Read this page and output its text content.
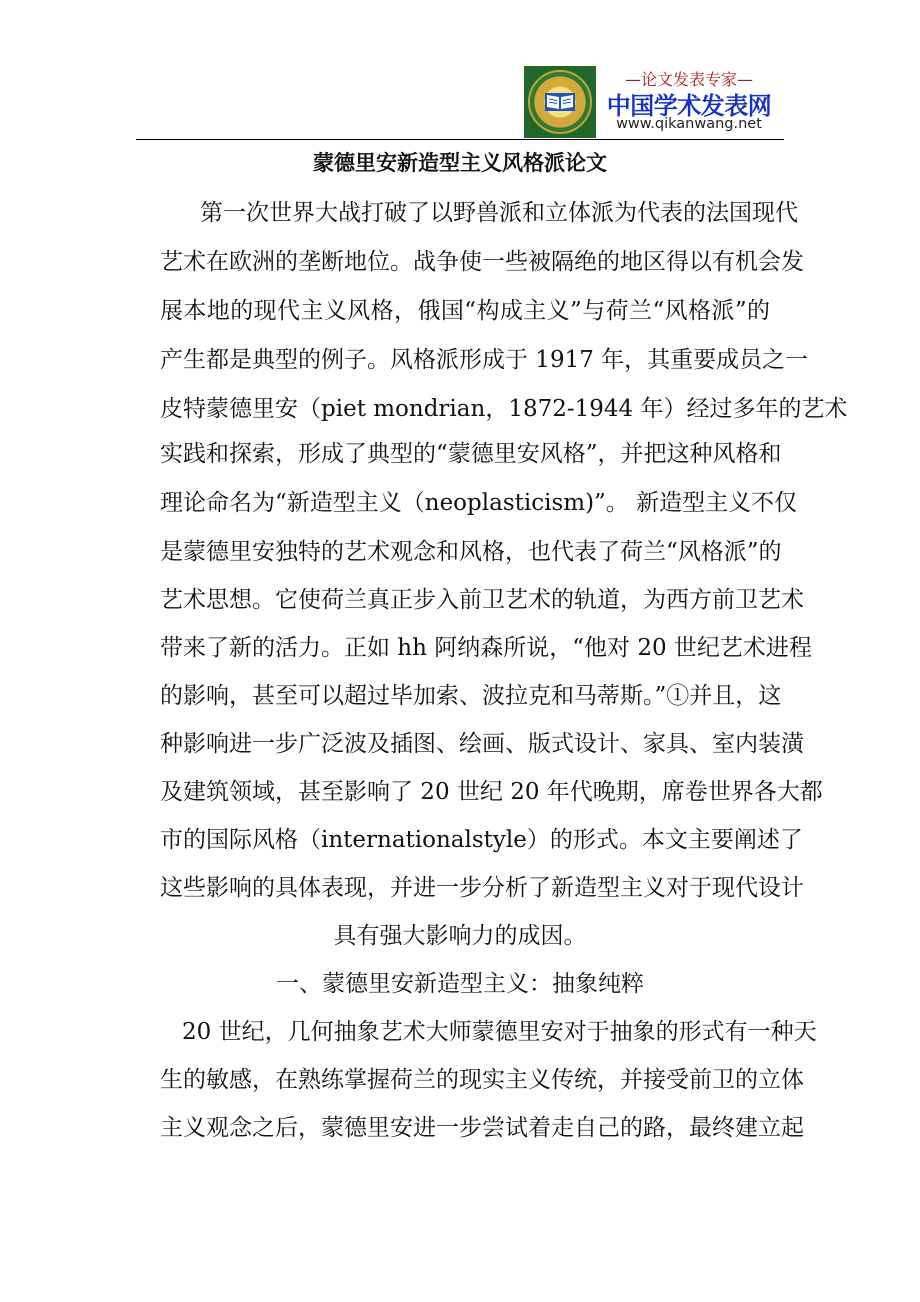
—论文发表专家—
中国学术发表网
www.qikanwang.net
蒙德里安新造型主义风格派论文
第一次世界大战打破了以野兽派和立体派为代表的法国现代
艺术在欧洲的垄断地位。战争使一些被隔绝的地区得以有机会发
展本地的现代主义风格，俄国“构成主义”与荷兰“风格派”的
产生都是典型的例子。风格派形成于 1917 年，其重要成员之一
皮特蒙德里安（piet mondrian，1872-1944 年）经过多年的艺术
实践和探索，形成了典型的“蒙德里安风格”，并把这种风格和
理论命名为“新造型主义（neoplasticism)”。 新造型主义不仅
是蒙德里安独特的艺术观念和风格，也代表了荷兰“风格派”的
艺术思想。它使荷兰真正步入前卫艺术的轨道，为西方前卫艺术
带来了新的活力。正如 hh 阿纳森所说，“他对 20 世纪艺术进程
的影响，甚至可以超过毕加索、波拉克和马蒂斯。”①并且，这
种影响进一步广泛波及插图、绘画、版式设计、家具、室内装潢
及建筑领域，甚至影响了 20 世纪 20 年代晚期，席卷世界各大都
市的国际风格（internationalstyle）的形式。本文主要阐述了
这些影响的具体表现，并进一步分析了新造型主义对于现代设计
具有强大影响力的成因。
一、蒙德里安新造型主义：抽象纯粹
20 世纪，几何抽象艺术大师蒙德里安对于抽象的形式有一种天
生的敏感，在熟练掌握荷兰的现实主义传统，并接受前卫的立体
主义观念之后，蒙德里安进一步尝试着走自己的路，最终建立起
